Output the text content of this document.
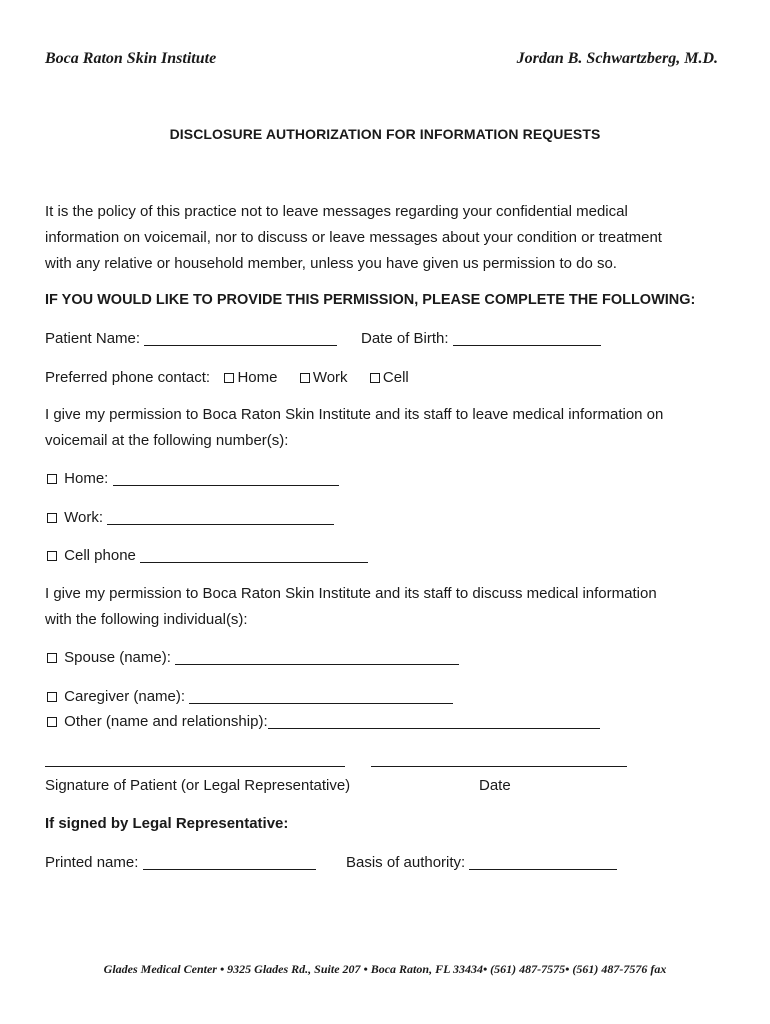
Boca Raton Skin Institute	Jordan B. Schwartzberg, M.D.
DISCLOSURE AUTHORIZATION FOR INFORMATION REQUESTS
It is the policy of this practice not to leave messages regarding your confidential medical
information on voicemail, nor to discuss or leave messages about your condition or treatment
with any relative or household member, unless you have given us permission to do so.
IF YOU WOULD LIKE TO PROVIDE THIS PERMISSION, PLEASE COMPLETE THE FOLLOWING:
Patient Name:	Date of Birth:
Preferred phone contact: Home Work Cell
I give my permission to Boca Raton Skin Institute and its staff to leave medical information on
voicemail at the following number(s):
Home:
Work:
Cell phone
I give my permission to Boca Raton Skin Institute and its staff to discuss medical information
with the following individual(s):
Spouse (name):
Caregiver (name):
Other (name and relationship):
Signature of Patient (or Legal Representative)	Date
If signed by Legal Representative:
Printed name:	Basis of authority:
Glades Medical Center • 9325 Glades Rd., Suite 207 • Boca Raton, FL 33434• (561) 487-7575• (561) 487-7576 fax
